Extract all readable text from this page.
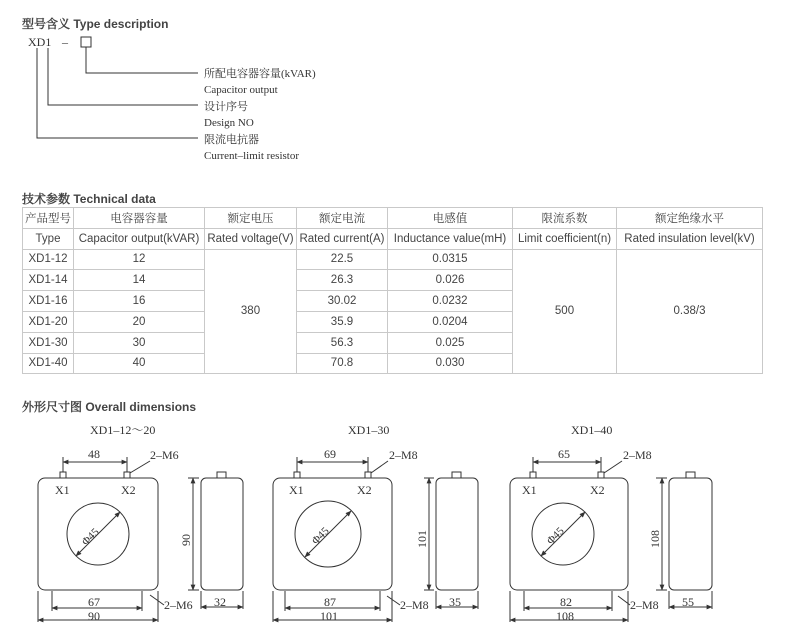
型号含义 Type description
XD1 –
所配电容器容量(kVAR)
Capacitor output
设计序号
Design NO
限流电抗器
Current–limit resistor
技术参数 Technical data
产品型号	电容器容量	额定电压	额定电流	电感值	限流系数	额定绝缘水平
Type	Capacitor output(kVAR)	Rated voltage(V)	Rated current(A)	Inductance value(mH)	Limit coefficient(n)	Rated insulation level(kV)
XD1-12	12	380	22.5	0.0315	500	0.38/3
XD1-14	14		26.3	0.026		
XD1-16	16		30.02	0.0232		
XD1-20	20		35.9	0.0204		
XD1-30	30		56.3	0.025		
XD1-40	40		70.8	0.030		
外形尺寸图 Overall dimensions
XD1–12～20
Φ45
X1	X2
48	2–M6
67
90
2–M6
90
32
XD1–30
Φ45
X1	X2
69	2–M8
87
101
2–M8
101
35
XD1–40
Φ45
X1	X2
65	2–M8
82
108
2–M8
108
55
